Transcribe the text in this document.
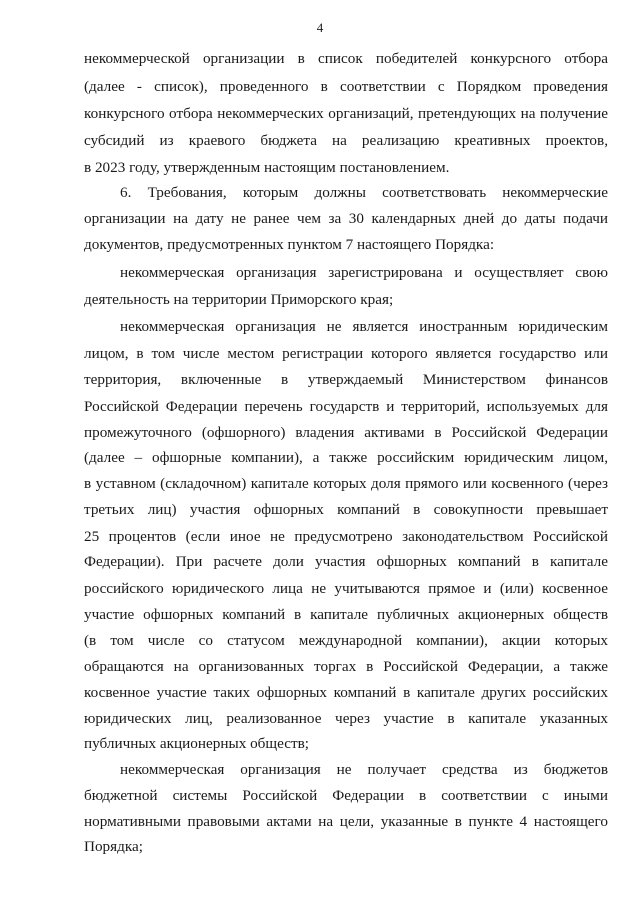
4
некоммерческой организации в список победителей конкурсного отбора
(далее - список), проведенного в соответствии с Порядком проведения
конкурсного отбора некоммерческих организаций, претендующих на получение
субсидий из краевого бюджета на реализацию креативных проектов,
в 2023 году, утвержденным настоящим постановлением.
6. Требования, которым должны соответствовать некоммерческие
организации на дату не ранее чем за 30 календарных дней до даты подачи
документов, предусмотренных пунктом 7 настоящего Порядка:
некоммерческая организация зарегистрирована и осуществляет свою
деятельность на территории Приморского края;
некоммерческая организация не является иностранным юридическим
лицом, в том числе местом регистрации которого является государство или
территория, включенные в утверждаемый Министерством финансов
Российской Федерации перечень государств и территорий, используемых для
промежуточного (офшорного) владения активами в Российской Федерации
(далее – офшорные компании), а также российским юридическим лицом,
в уставном (складочном) капитале которых доля прямого или косвенного (через
третьих лиц) участия офшорных компаний в совокупности превышает
25 процентов (если иное не предусмотрено законодательством Российской
Федерации). При расчете доли участия офшорных компаний в капитале
российского юридического лица не учитываются прямое и (или) косвенное
участие офшорных компаний в капитале публичных акционерных обществ
(в том числе со статусом международной компании), акции которых
обращаются на организованных торгах в Российской Федерации, а также
косвенное участие таких офшорных компаний в капитале других российских
юридических лиц, реализованное через участие в капитале указанных
публичных акционерных обществ;
некоммерческая организация не получает средства из бюджетов
бюджетной системы Российской Федерации в соответствии с иными
нормативными правовыми актами на цели, указанные в пункте 4 настоящего
Порядка;
